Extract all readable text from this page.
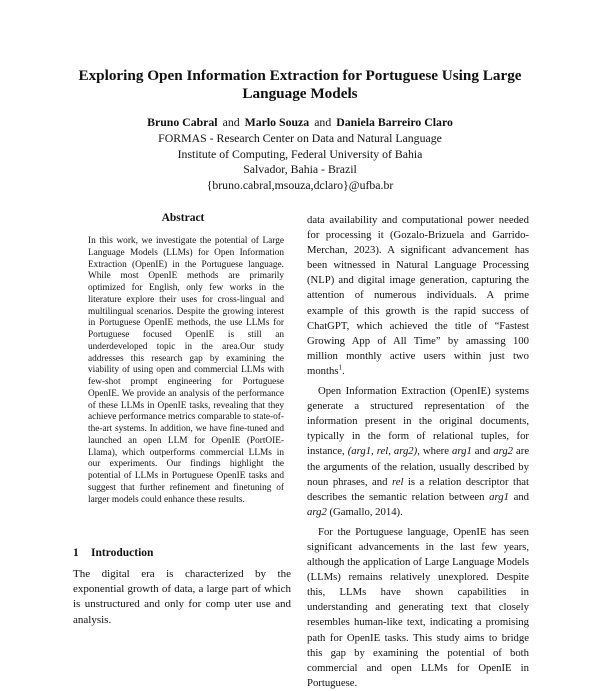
Exploring Open Information Extraction for Portuguese Using Large
Language Models
Bruno Cabral and Marlo Souza and Daniela Barreiro Claro
FORMAS - Research Center on Data and Natural Language
Institute of Computing, Federal University of Bahia
Salvador, Bahia - Brazil
{bruno.cabral,msouza,dclaro}@ufba.br
Abstract
In this work, we investigate the potential of Large Language Models (LLMs) for Open Information Extraction (OpenIE) in the Portuguese language. While most OpenIE methods are primarily optimized for English, only few works in the literature explore their uses for cross-lingual and multilingual scenarios. Despite the growing interest in Portuguese OpenIE methods, the use LLMs for Portuguese focused OpenIE is still an underdeveloped topic in the area.Our study addresses this research gap by examining the viability of using open and commercial LLMs with few-shot prompt engineering for Portuguese OpenIE. We provide an analysis of the performance of these LLMs in OpenIE tasks, revealing that they achieve performance metrics comparable to state-of-the-art systems. In addition, we have fine-tuned and launched an open LLM for OpenIE (PortOIE-Llama), which outperforms commercial LLMs in our experiments. Our findings highlight the potential of LLMs in Portuguese OpenIE tasks and suggest that further refinement and finetuning of larger models could enhance these results.
1 Introduction
The digital era is characterized by the exponential growth of data, a large part of which is unstructured and only for comp uter use and analysis.

data availability and computational power needed for processing it (Gozalo-Brizuela and Garrido-Merchan, 2023). A significant advancement has been witnessed in Natural Language Processing (NLP) and digital image generation, capturing the attention of numerous individuals. A prime example of this growth is the rapid success of ChatGPT, which achieved the title of “Fastest Growing App of All Time” by amassing 100 million monthly active users within just two months$^1$.

Open Information Extraction (OpenIE) systems generate a structured representation of the information present in the original documents, typically in the form of relational tuples, for instance, (arg1, rel, arg2), where arg1 and arg2 are the arguments of the relation, usually described by noun phrases, and rel is a relation descriptor that describes the semantic relation between arg1 and arg2 (Gamallo, 2014).

For the Portuguese language, OpenIE has seen significant advancements in the last few years, although the application of Large Language Models (LLMs) remains relatively unexplored. Despite this, LLMs have shown capabilities in understanding and generating text that closely resembles human-like text, indicating a promising path for OpenIE tasks. This study aims to bridge this gap by examining the potential of both commercial and open LLMs for OpenIE in Portuguese.
